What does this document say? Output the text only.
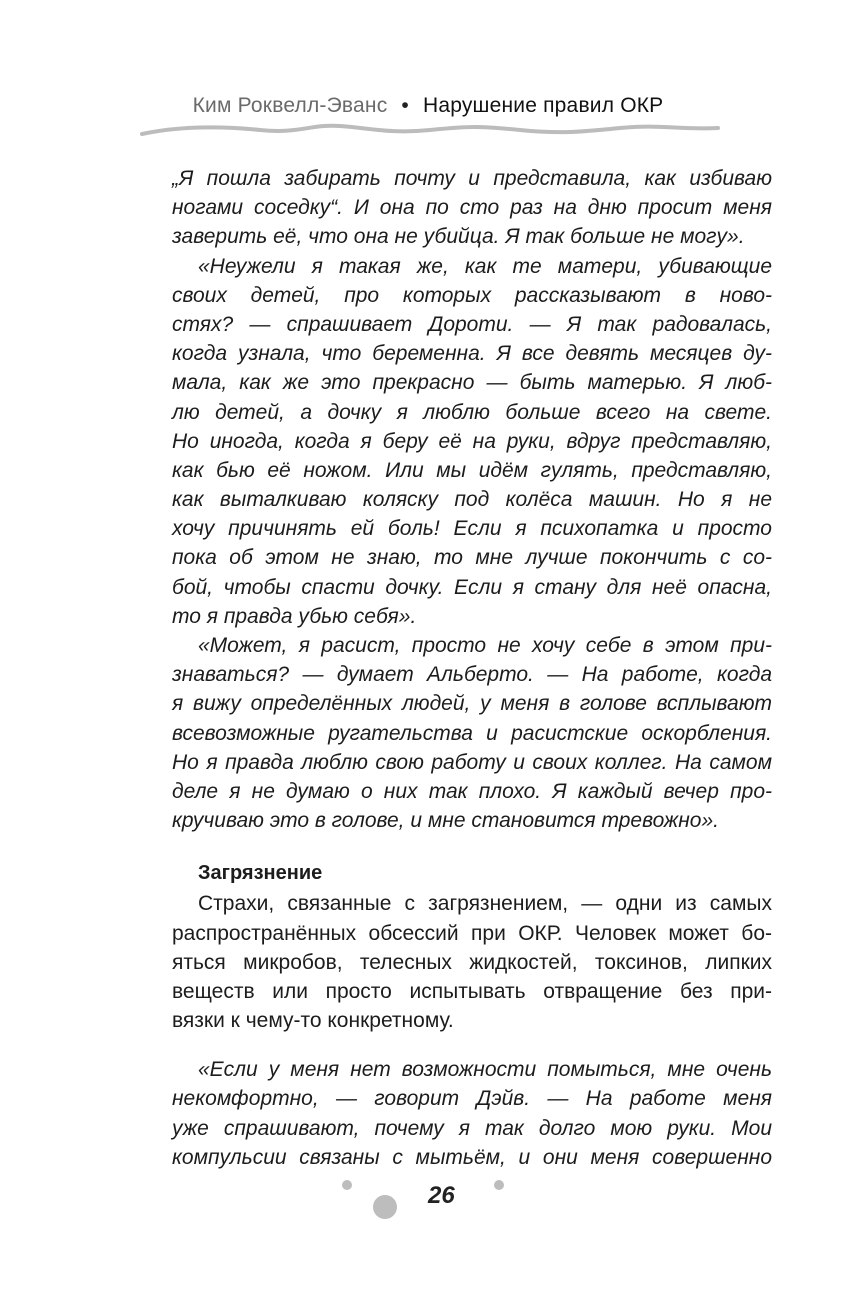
Ким Роквелл-Эванс • Нарушение правил ОКР
„Я пошла забирать почту и представила, как избиваю
ногами соседку“. И она по сто раз на дню просит меня
заверить её, что она не убийца. Я так больше не могу».
«Неужели я такая же, как те матери, убивающие
своих детей, про которых рассказывают в ново-
стях? — спрашивает Дороти. — Я так радовалась,
когда узнала, что беременна. Я все девять месяцев ду-
мала, как же это прекрасно — быть матерью. Я люб-
лю детей, а дочку я люблю больше всего на свете.
Но иногда, когда я беру её на руки, вдруг представляю,
как бью её ножом. Или мы идём гулять, представляю,
как выталкиваю коляску под колёса машин. Но я не
хочу причинять ей боль! Если я психопатка и просто
пока об этом не знаю, то мне лучше покончить с со-
бой, чтобы спасти дочку. Если я стану для неё опасна,
то я правда убью себя».
«Может, я расист, просто не хочу себе в этом при-
знаваться? — думает Альберто. — На работе, когда
я вижу определённых людей, у меня в голове всплывают
всевозможные ругательства и расистские оскорбления.
Но я правда люблю свою работу и своих коллег. На самом
деле я не думаю о них так плохо. Я каждый вечер про-
кручиваю это в голове, и мне становится тревожно».
Загрязнение
Страхи, связанные с загрязнением, — одни из самых
распространённых обсессий при ОКР. Человек может бо-
яться микробов, телесных жидкостей, токсинов, липких
веществ или просто испытывать отвращение без при-
вязки к чему-то конкретному.
«Если у меня нет возможности помыться, мне очень
некомфортно, — говорит Дэйв. — На работе меня
уже спрашивают, почему я так долго мою руки. Мои
компульсии связаны с мытьём, и они меня совершенно
26
